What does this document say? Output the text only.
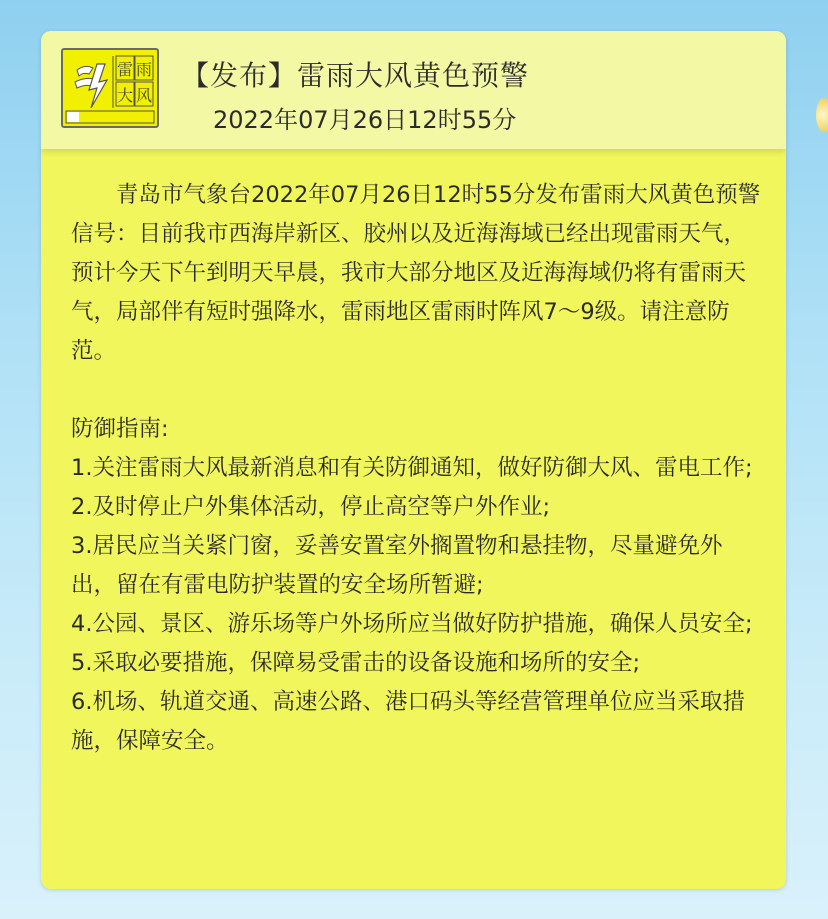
雷 雨
大 风
【发布】雷雨大风黄色预警
2022年07月26日12时55分

青岛市气象台2022年07月26日12时55分发布雷雨大风黄色预警信号：目前我市西海岸新区、胶州以及近海海域已经出现雷雨天气，预计今天下午到明天早晨，我市大部分地区及近海海域仍将有雷雨天气，局部伴有短时强降水，雷雨地区雷雨时阵风7～9级。请注意防范。

防御指南:

1.关注雷雨大风最新消息和有关防御通知，做好防御大风、雷电工作;

2.及时停止户外集体活动，停止高空等户外作业;

3.居民应当关紧门窗，妥善安置室外搁置物和悬挂物，尽量避免外出，留在有雷电防护装置的安全场所暂避;

4.公园、景区、游乐场等户外场所应当做好防护措施，确保人员安全;

5.采取必要措施，保障易受雷击的设备设施和场所的安全;

6.机场、轨道交通、高速公路、港口码头等经营管理单位应当采取措施，保障安全。
